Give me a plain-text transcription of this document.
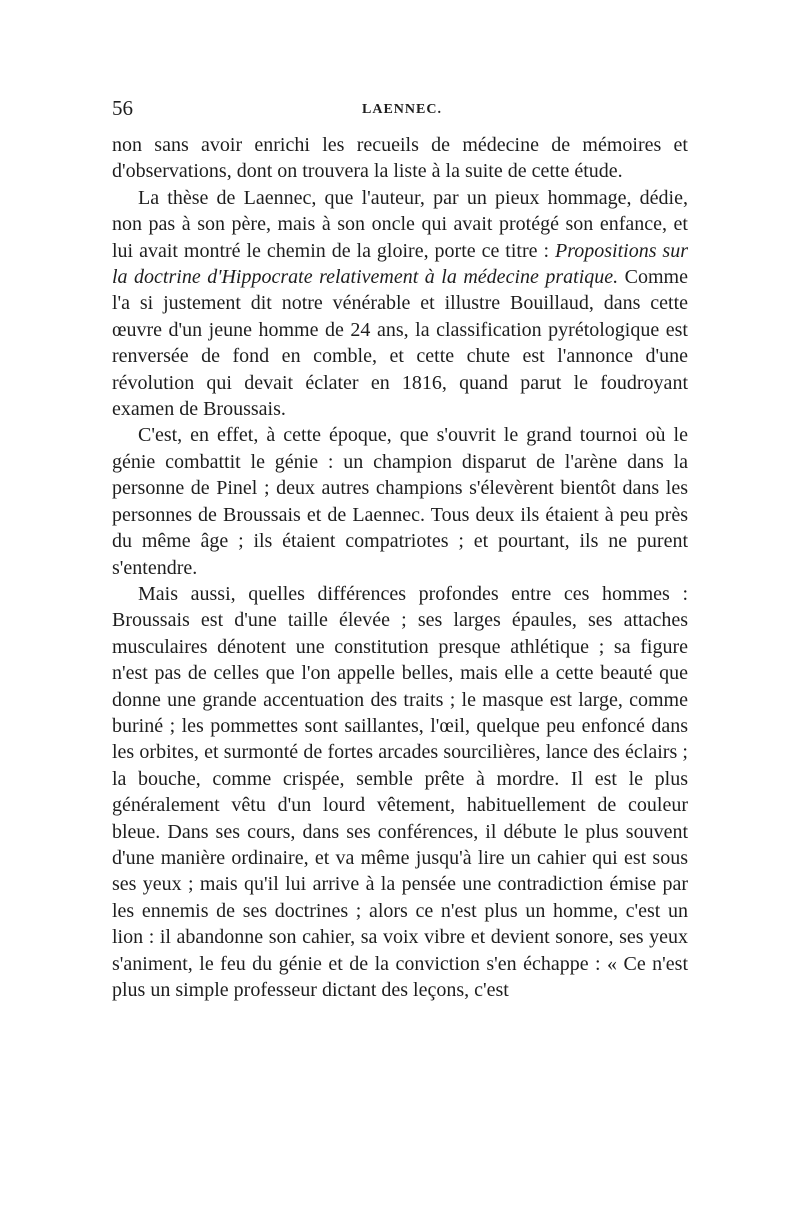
56	LAENNEC.

non sans avoir enrichi les recueils de médecine de mémoires et d'observations, dont on trouvera la liste à la suite de cette étude.

La thèse de Laennec, que l'auteur, par un pieux hommage, dédie, non pas à son père, mais à son oncle qui avait protégé son enfance, et lui avait montré le chemin de la gloire, porte ce titre : Propositions sur la doctrine d'Hippocrate relativement à la médecine pratique. Comme l'a si justement dit notre vénérable et illustre Bouillaud, dans cette œuvre d'un jeune homme de 24 ans, la classification pyrétologique est renversée de fond en comble, et cette chute est l'annonce d'une révolution qui devait éclater en 1816, quand parut le foudroyant examen de Broussais.

C'est, en effet, à cette époque, que s'ouvrit le grand tournoi où le génie combattit le génie : un champion disparut de l'arène dans la personne de Pinel ; deux autres champions s'élevèrent bientôt dans les personnes de Broussais et de Laennec. Tous deux ils étaient à peu près du même âge ; ils étaient compatriotes ; et pourtant, ils ne purent s'entendre.

Mais aussi, quelles différences profondes entre ces hommes : Broussais est d'une taille élevée ; ses larges épaules, ses attaches musculaires dénotent une constitution presque athlétique ; sa figure n'est pas de celles que l'on appelle belles, mais elle a cette beauté que donne une grande accentuation des traits ; le masque est large, comme buriné ; les pommettes sont saillantes, l'œil, quelque peu enfoncé dans les orbites, et surmonté de fortes arcades sourcilières, lance des éclairs ; la bouche, comme crispée, semble prête à mordre. Il est le plus généralement vêtu d'un lourd vêtement, habituellement de couleur bleue. Dans ses cours, dans ses conférences, il débute le plus souvent d'une manière ordinaire, et va même jusqu'à lire un cahier qui est sous ses yeux ; mais qu'il lui arrive à la pensée une contradiction émise par les ennemis de ses doctrines ; alors ce n'est plus un homme, c'est un lion : il abandonne son cahier, sa voix vibre et devient sonore, ses yeux s'animent, le feu du génie et de la conviction s'en échappe : « Ce n'est plus un simple professeur dictant des leçons, c'est
